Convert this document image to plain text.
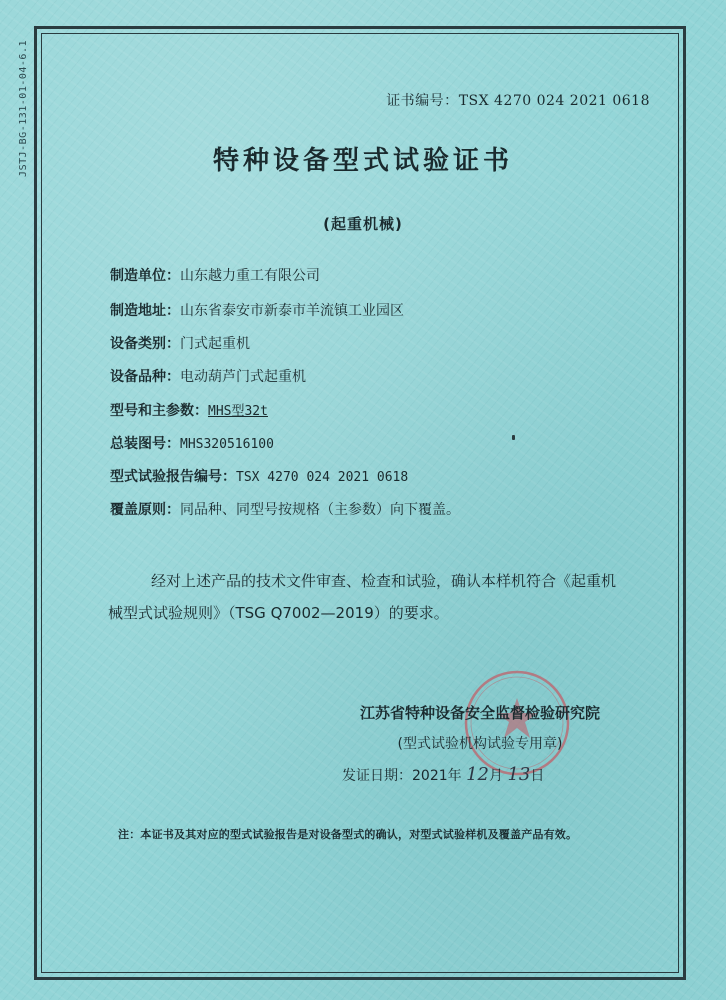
JSTJ-BG-131-01-04-6.1	证书编号：TSX 4270 024 2021 0618
特种设备型式试验证书
(起重机械)
制造单位：山东越力重工有限公司
制造地址：山东省泰安市新泰市羊流镇工业园区
设备类别：门式起重机
设备品种：电动葫芦门式起重机
型号和主参数：MHS型32t
总装图号：MHS320516100
型式试验报告编号：TSX 4270 024 2021 0618
覆盖原则：同品种、同型号按规格（主参数）向下覆盖。
经对上述产品的技术文件审查、检查和试验，确认本样机符合《起重机械型式试验规则》（TSG Q7002—2019）的要求。
江苏省特种设备安全监督检验研究院
(型式试验机构试验专用章)
发证日期：2021年 12月 13日
注：本证书及其对应的型式试验报告是对设备型式的确认，对型式试验样机及覆盖产品有效。
